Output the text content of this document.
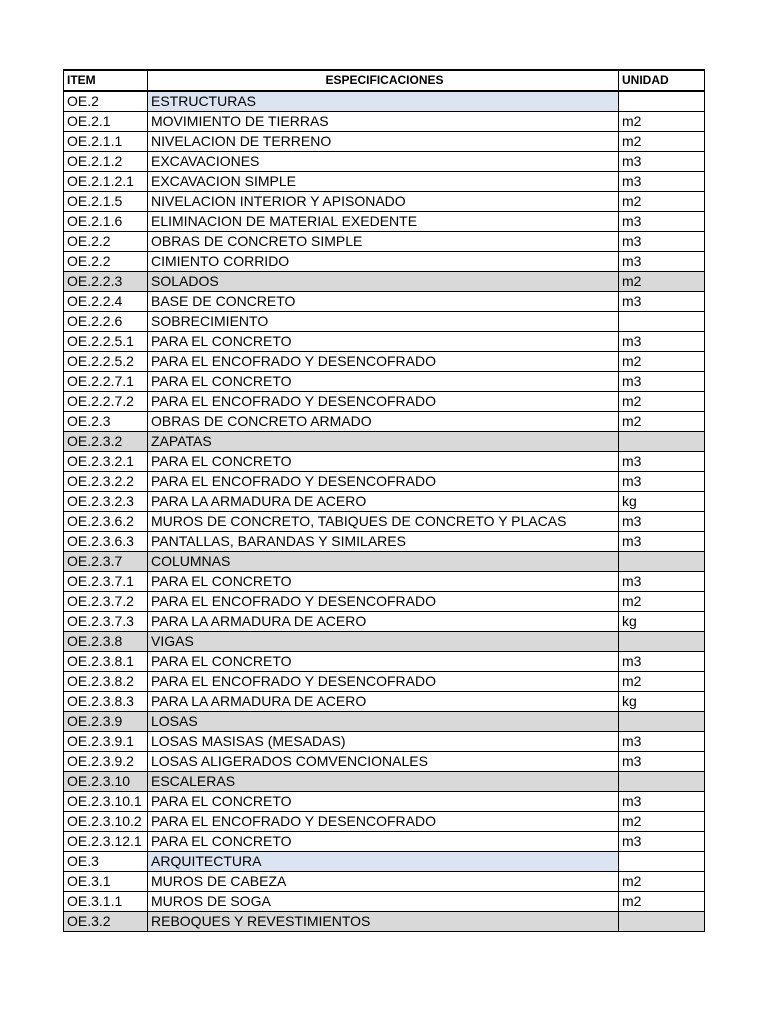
ITEM	ESPECIFICACIONES	UNIDAD
OE.2	ESTRUCTURAS	
OE.2.1	MOVIMIENTO DE TIERRAS	m2
OE.2.1.1	NIVELACION DE TERRENO	m2
OE.2.1.2	EXCAVACIONES	m3
OE.2.1.2.1	EXCAVACION SIMPLE	m3
OE.2.1.5	NIVELACION INTERIOR Y APISONADO	m2
OE.2.1.6	ELIMINACION DE MATERIAL EXEDENTE	m3
OE.2.2	OBRAS DE CONCRETO SIMPLE	m3
OE.2.2	CIMIENTO CORRIDO	m3
OE.2.2.3	SOLADOS	m2
OE.2.2.4	BASE DE CONCRETO	m3
OE.2.2.6	SOBRECIMIENTO	
OE.2.2.5.1	PARA EL CONCRETO	m3
OE.2.2.5.2	PARA EL ENCOFRADO Y DESENCOFRADO	m2
OE.2.2.7.1	PARA EL CONCRETO	m3
OE.2.2.7.2	PARA EL ENCOFRADO Y DESENCOFRADO	m2
OE.2.3	OBRAS DE CONCRETO ARMADO	m2
OE.2.3.2	ZAPATAS	
OE.2.3.2.1	PARA EL CONCRETO	m3
OE.2.3.2.2	PARA EL ENCOFRADO Y DESENCOFRADO	m3
OE.2.3.2.3	PARA LA ARMADURA DE ACERO	kg
OE.2.3.6.2	MUROS DE CONCRETO, TABIQUES DE CONCRETO Y PLACAS	m3
OE.2.3.6.3	PANTALLAS, BARANDAS Y SIMILARES	m3
OE.2.3.7	COLUMNAS	
OE.2.3.7.1	PARA EL CONCRETO	m3
OE.2.3.7.2	PARA EL ENCOFRADO Y DESENCOFRADO	m2
OE.2.3.7.3	PARA LA ARMADURA DE ACERO	kg
OE.2.3.8	VIGAS	
OE.2.3.8.1	PARA EL CONCRETO	m3
OE.2.3.8.2	PARA EL ENCOFRADO Y DESENCOFRADO	m2
OE.2.3.8.3	PARA LA ARMADURA DE ACERO	kg
OE.2.3.9	LOSAS	
OE.2.3.9.1	LOSAS MASISAS (MESADAS)	m3
OE.2.3.9.2	LOSAS ALIGERADOS COMVENCIONALES	m3
OE.2.3.10	ESCALERAS	
OE.2.3.10.1	PARA EL CONCRETO	m3
OE.2.3.10.2	PARA EL ENCOFRADO Y DESENCOFRADO	m2
OE.2.3.12.1	PARA EL CONCRETO	m3
OE.3	ARQUITECTURA	
OE.3.1	MUROS DE CABEZA	m2
OE.3.1.1	MUROS DE SOGA	m2
OE.3.2	REBOQUES Y REVESTIMIENTOS	
